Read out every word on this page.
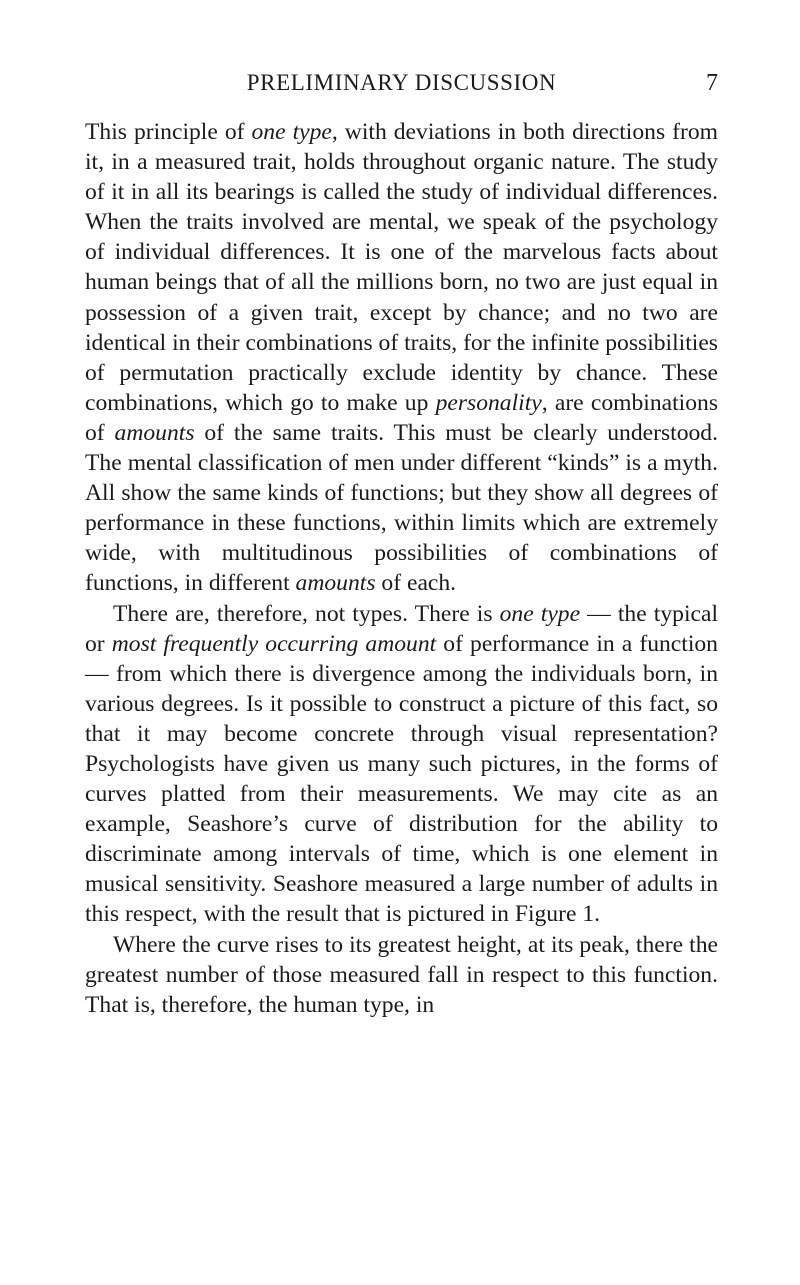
PRELIMINARY DISCUSSION	7

This principle of one type, with deviations in both directions from it, in a measured trait, holds throughout organic nature. The study of it in all its bearings is called the study of individual differences. When the traits involved are mental, we speak of the psychology of individual differences. It is one of the marvelous facts about human beings that of all the millions born, no two are just equal in possession of a given trait, except by chance; and no two are identical in their combinations of traits, for the infinite possibilities of permutation practically exclude identity by chance. These combinations, which go to make up personality, are combinations of amounts of the same traits. This must be clearly understood. The mental classification of men under different “kinds” is a myth. All show the same kinds of functions; but they show all degrees of performance in these functions, within limits which are extremely wide, with multitudinous possibilities of combinations of functions, in different amounts of each.

There are, therefore, not types. There is one type — the typical or most frequently occurring amount of performance in a function — from which there is divergence among the individuals born, in various degrees. Is it possible to construct a picture of this fact, so that it may become concrete through visual representation? Psychologists have given us many such pictures, in the forms of curves platted from their measurements. We may cite as an example, Seashore’s curve of distribution for the ability to discriminate among intervals of time, which is one element in musical sensitivity. Seashore measured a large number of adults in this respect, with the result that is pictured in Figure 1.

Where the curve rises to its greatest height, at its peak, there the greatest number of those measured fall in respect to this function. That is, therefore, the human type, in
